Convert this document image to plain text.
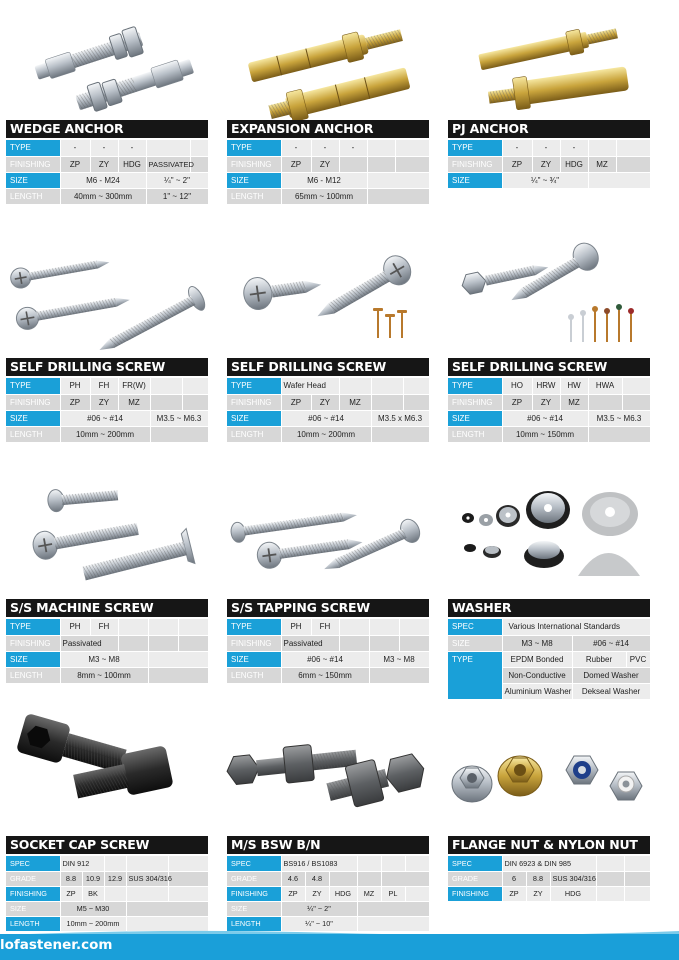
WEDGE ANCHOR
TYPE	-	-	-		
FINISHING	ZP	ZY	HDG	PASSIVATED	
SIZE	M6 - M24			¼" ~ 2"	
LENGTH	40mm ~ 300mm			1" ~ 12"	
EXPANSION ANCHOR
TYPE	-	-	-		
FINISHING	ZP	ZY			
SIZE	M6 - M12				
LENGTH	65mm ~ 100mm				
PJ ANCHOR
TYPE	-	-	-		
FINISHING	ZP	ZY	HDG	MZ	
SIZE	¼" ~ ¾"				
SELF DRILLING SCREW
TYPE	PH	FH	FR(W)		
FINISHING	ZP	ZY	MZ		
SIZE	#06 ~ #14			M3.5 ~ M6.3	
LENGTH	10mm ~ 200mm				
SELF DRILLING SCREW
TYPE	Wafer Head				
FINISHING	ZP	ZY	MZ		
SIZE	#06 ~ #14			M3.5 x M6.3	
LENGTH	10mm ~ 200mm				
SELF DRILLING SCREW
TYPE	HO	HRW	HW	HWA	
FINISHING	ZP	ZY	MZ		
SIZE	#06 ~ #14			M3.5 ~ M6.3	
LENGTH	10mm ~ 150mm				
S/S MACHINE SCREW
TYPE	PH	FH			
FINISHING	Passivated				
SIZE	M3 ~ M8				
LENGTH	8mm ~ 100mm				
S/S TAPPING SCREW
TYPE	PH	FH			
FINISHING	Passivated				
SIZE	#06 ~ #14			M3 ~ M8	
LENGTH	6mm ~ 150mm				
WASHER
SPEC	Various International Standards		
SIZE	M3 ~ M8	#06 ~ #14	
TYPE	EPDM Bonded	Rubber	PVC
	Non-Conductive	Domed Washer	
	Aluminium Washer	Dekseal Washer	
SOCKET CAP SCREW
SPEC	DIN 912				
GRADE	8.8	10.9	12.9	SUS 304/316	
FINISHING	ZP	BK			
SIZE	M5 ~ M30				
LENGTH	10mm ~ 200mm				
M/S BSW B/N
SPEC	BS916 / BS1083					
GRADE	4.6	4.8				
FINISHING	ZP	ZY	HDG	MZ	PL	
SIZE	¼" ~ 2"					
LENGTH	¼" ~ 10"					
FLANGE NUT & NYLON NUT
SPEC	DIN 6923 & DIN 985				
GRADE	6	8.8	SUS 304/316		
FINISHING	ZP	ZY	HDG		
lofastener.com
